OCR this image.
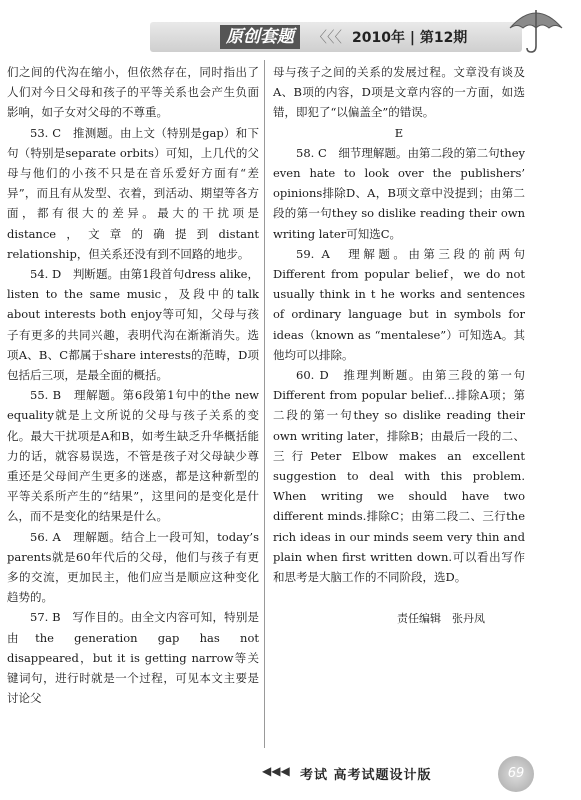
原创套题	〈〈〈 2010年 | 第12期

们之间的代沟在缩小，但依然存在，同时指出了人们对今日父母和孩子的平等关系也会产生负面影响，如子女对父母的不尊重。

53. C　推测题。由上文（特别是gap）和下句（特别是separate orbits）可知，上几代的父母与他们的小孩不只是在音乐爱好方面有“差异”，而且有从发型、衣着，到活动、期望等各方面，都有很大的差异。最大的干扰项是distance，文章的确提到distant relationship，但关系还没有到不回路的地步。

54. D　判断题。由第1段首句dress alike，listen to the same music，及段中的talk about interests both enjoy等可知，父母与孩子有更多的共同兴趣，表明代沟在渐渐消失。选项A、B、C都属于share interests的范畴，D项包括后三项，是最全面的概括。

55. B　理解题。第6段第1句中的the new equality就是上文所说的父母与孩子关系的变化。最大干扰项是A和B，如考生缺乏升华概括能力的话，就容易误选，不管是孩子对父母缺少尊重还是父母间产生更多的迷惑，都是这种新型的平等关系所产生的“结果”，这里问的是变化是什么，而不是变化的结果是什么。

56. A　理解题。结合上一段可知，today’s parents就是60年代后的父母，他们与孩子有更多的交流，更加民主，他们应当是顺应这种变化趋势的。

57. B　写作目的。由全文内容可知，特别是由the generation gap has not disappeared，but it is getting narrow等关键词句，进行时就是一个过程，可见本文主要是讨论父

母与孩子之间的关系的发展过程。文章没有谈及A、B项的内容，D项是文章内容的一方面，如选错，即犯了“以偏盖全”的错误。

E

58. C　细节理解题。由第二段的第二句they even hate to look over the publishers’ opinions排除D、A，B项文章中没提到；由第二段的第一句they so dislike reading their own writing later可知选C。

59. A　理解题。由第三段的前两句Different from popular belief，we do not usually think in t he works and sentences of ordinary language but in symbols for ideas（known as “mentalese”）可知选A。其他均可以排除。

60. D　推理判断题。由第三段的第一句Different from popular belief…排除A项；第二段的第一句they so dislike reading their own writing later，排除B；由最后一段的二、三行Peter Elbow makes an excellent suggestion to deal with this problem. When writing we should have two different minds.排除C；由第二段二、三行the rich ideas in our minds seem very thin and plain when first written down.可以看出写作和思考是大脑工作的不同阶段，选D。

责任编辑　张丹凤

◀◀◀ 考试 高考试题设计版	69
